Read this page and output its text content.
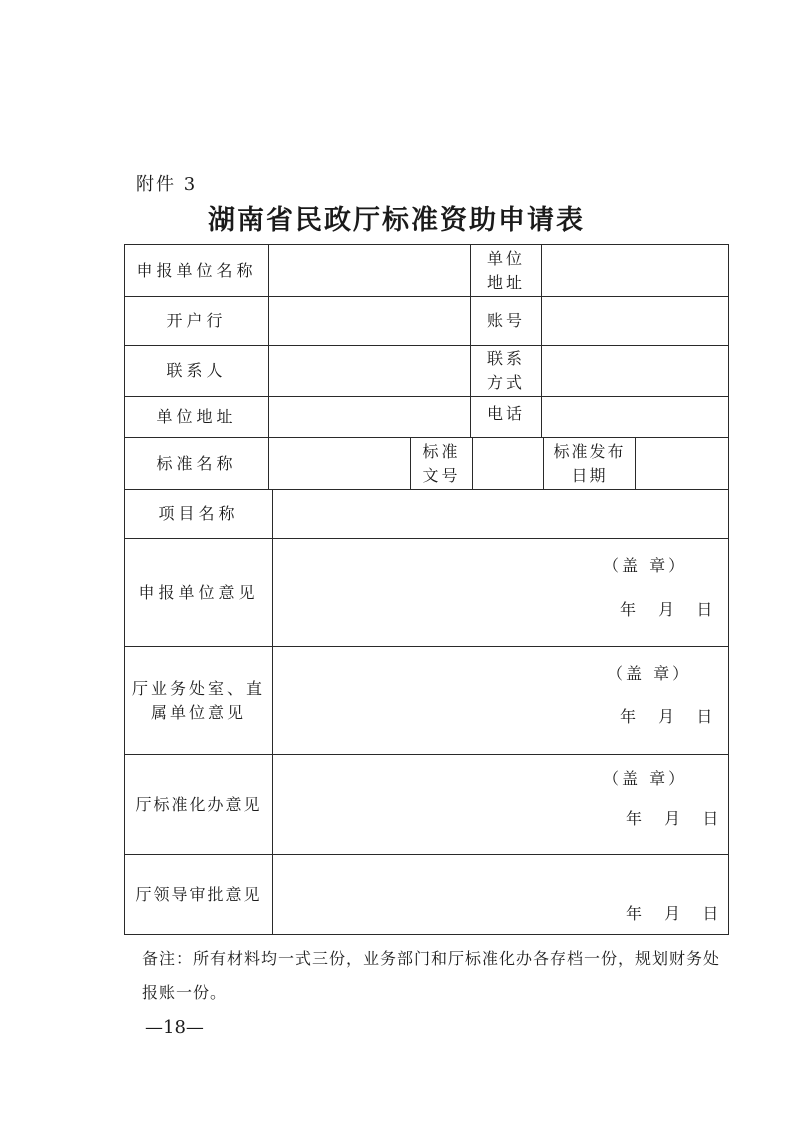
附件 3
湖南省民政厅标准资助申请表
申报单位名称
单位
地址
开户行	账号
联系人
联系
方式
单位地址	电话
标准名称
标准
文号
标准发布
日期
项目名称
申报单位意见
（盖 章）
年  月  日
厅业务处室、直
属单位意见
（盖 章）
年  月  日
厅标准化办意见
（盖 章）
年  月  日
厅领导审批意见
年  月  日
备注：所有材料均一式三份，业务部门和厅标准化办各存档一份，规划财务处报账一份。
—18—
